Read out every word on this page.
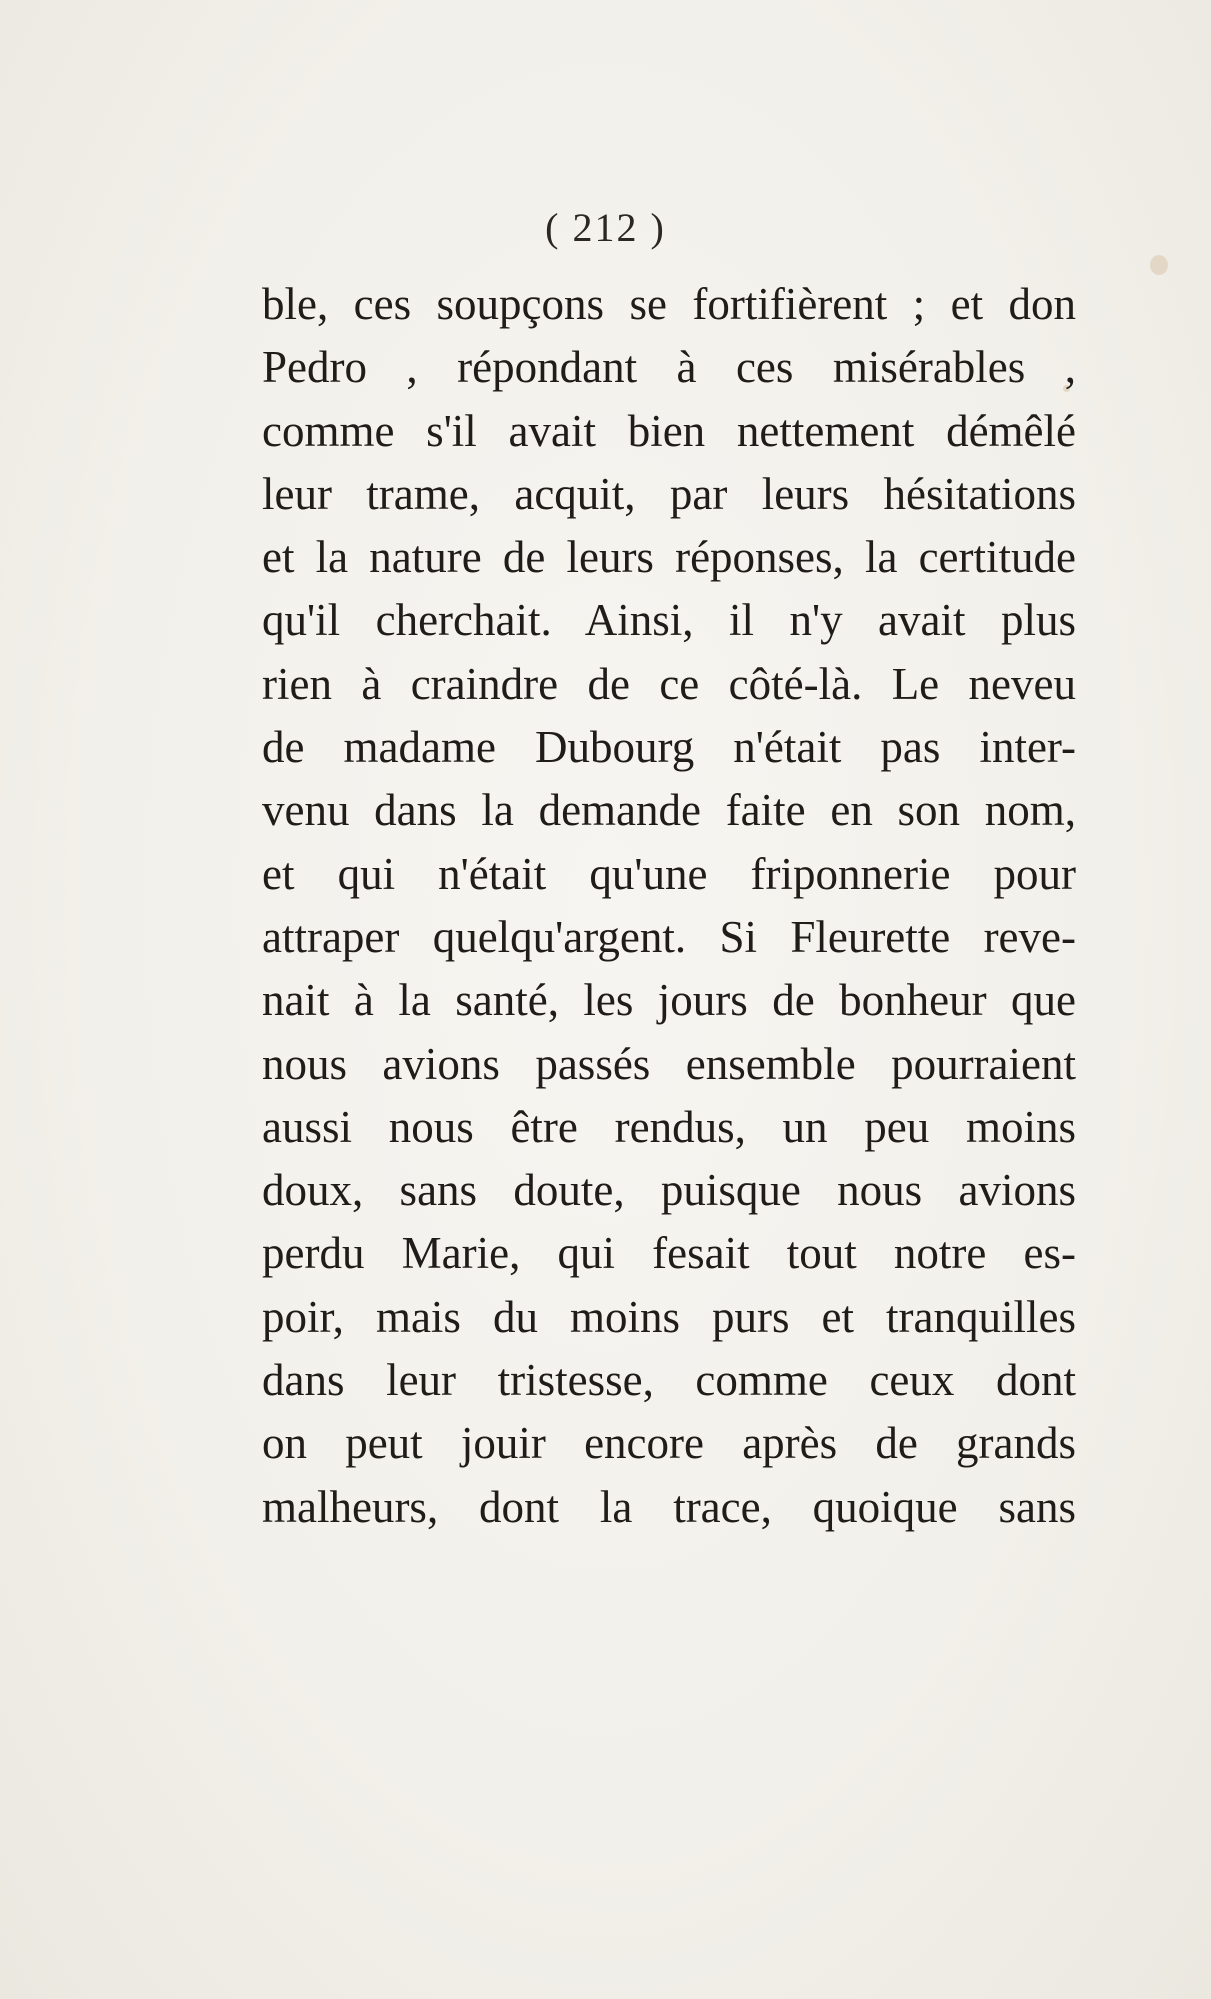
( 212 )
ble, ces soupçons se fortifièrent ; et don
Pedro , répondant à ces misérables ,
comme s'il avait bien nettement démêlé
leur trame, acquit, par leurs hésitations
et la nature de leurs réponses, la certitude
qu'il cherchait. Ainsi, il n'y avait plus
rien à craindre de ce côté-là. Le neveu
de madame Dubourg n'était pas inter-
venu dans la demande faite en son nom,
et qui n'était qu'une friponnerie pour
attraper quelqu'argent. Si Fleurette reve-
nait à la santé, les jours de bonheur que
nous avions passés ensemble pourraient
aussi nous être rendus, un peu moins
doux, sans doute, puisque nous avions
perdu Marie, qui fesait tout notre es-
poir, mais du moins purs et tranquilles
dans leur tristesse, comme ceux dont
on peut jouir encore après de grands
malheurs, dont la trace, quoique sans
